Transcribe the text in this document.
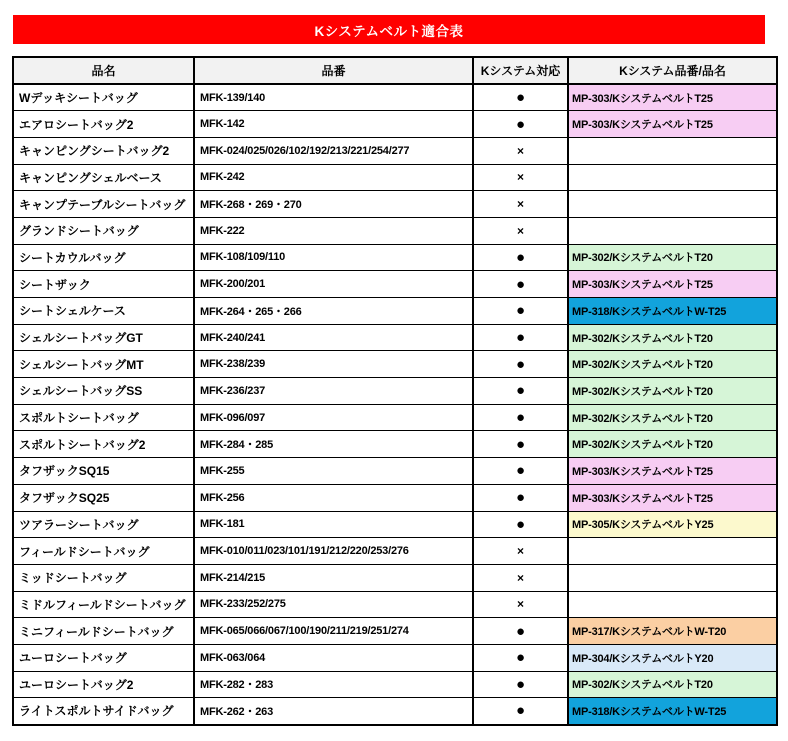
Kシステムベルト適合表
品名	品番	Kシステム対応	Kシステム品番/品名
Wデッキシートバッグ	MFK-139/140	●	MP-303/KシステムベルトT25
エアロシートバッグ2	MFK-142	●	MP-303/KシステムベルトT25
キャンピングシートバッグ2	MFK-024/025/026/102/192/213/221/254/277	×	
キャンピングシェルベース	MFK-242	×	
キャンプテーブルシートバッグ	MFK-268・269・270	×	
グランドシートバッグ	MFK-222	×	
シートカウルバッグ	MFK-108/109/110	●	MP-302/KシステムベルトT20
シートザック	MFK-200/201	●	MP-303/KシステムベルトT25
シートシェルケース	MFK-264・265・266	●	MP-318/KシステムベルトW-T25
シェルシートバッグGT	MFK-240/241	●	MP-302/KシステムベルトT20
シェルシートバッグMT	MFK-238/239	●	MP-302/KシステムベルトT20
シェルシートバッグSS	MFK-236/237	●	MP-302/KシステムベルトT20
スポルトシートバッグ	MFK-096/097	●	MP-302/KシステムベルトT20
スポルトシートバッグ2	MFK-284・285	●	MP-302/KシステムベルトT20
タフザックSQ15	MFK-255	●	MP-303/KシステムベルトT25
タフザックSQ25	MFK-256	●	MP-303/KシステムベルトT25
ツアラーシートバッグ	MFK-181	●	MP-305/KシステムベルトY25
フィールドシートバッグ	MFK-010/011/023/101/191/212/220/253/276	×	
ミッドシートバッグ	MFK-214/215	×	
ミドルフィールドシートバッグ	MFK-233/252/275	×	
ミニフィールドシートバッグ	MFK-065/066/067/100/190/211/219/251/274	●	MP-317/KシステムベルトW-T20
ユーロシートバッグ	MFK-063/064	●	MP-304/KシステムベルトY20
ユーロシートバッグ2	MFK-282・283	●	MP-302/KシステムベルトT20
ライトスポルトサイドバッグ	MFK-262・263	●	MP-318/KシステムベルトW-T25
